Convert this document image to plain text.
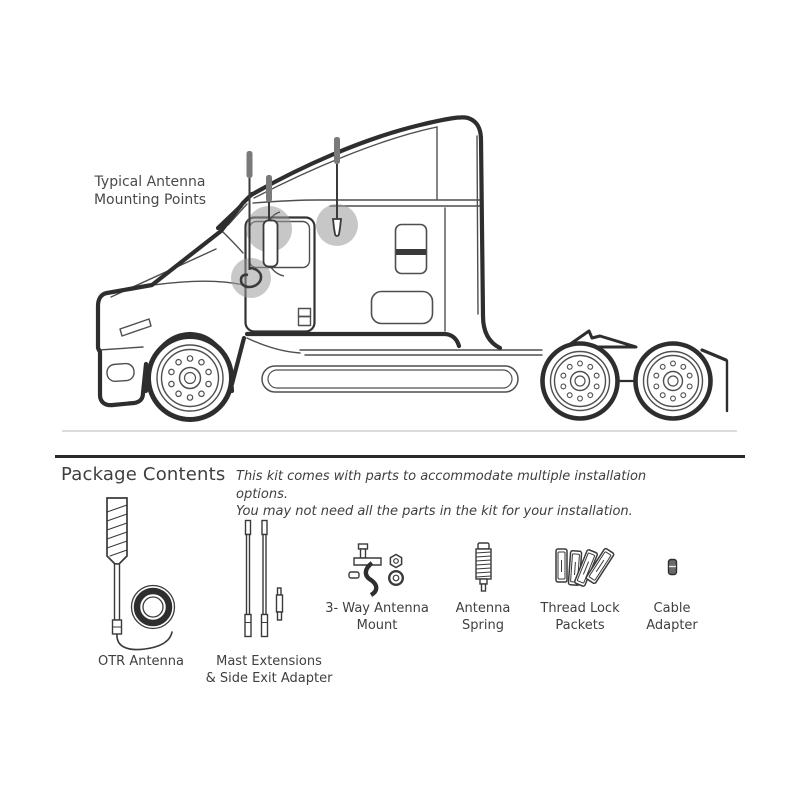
Typical Antenna
Mounting Points
Package Contents This kit comes with parts to accommodate multiple installation options.
You may not need all the parts in the kit for your installation.
OTR Antenna	Mast Extensions
& Side Exit Adapter
3- Way Antenna
Mount
Antenna
Spring
Thread Lock
Packets
Cable
Adapter
